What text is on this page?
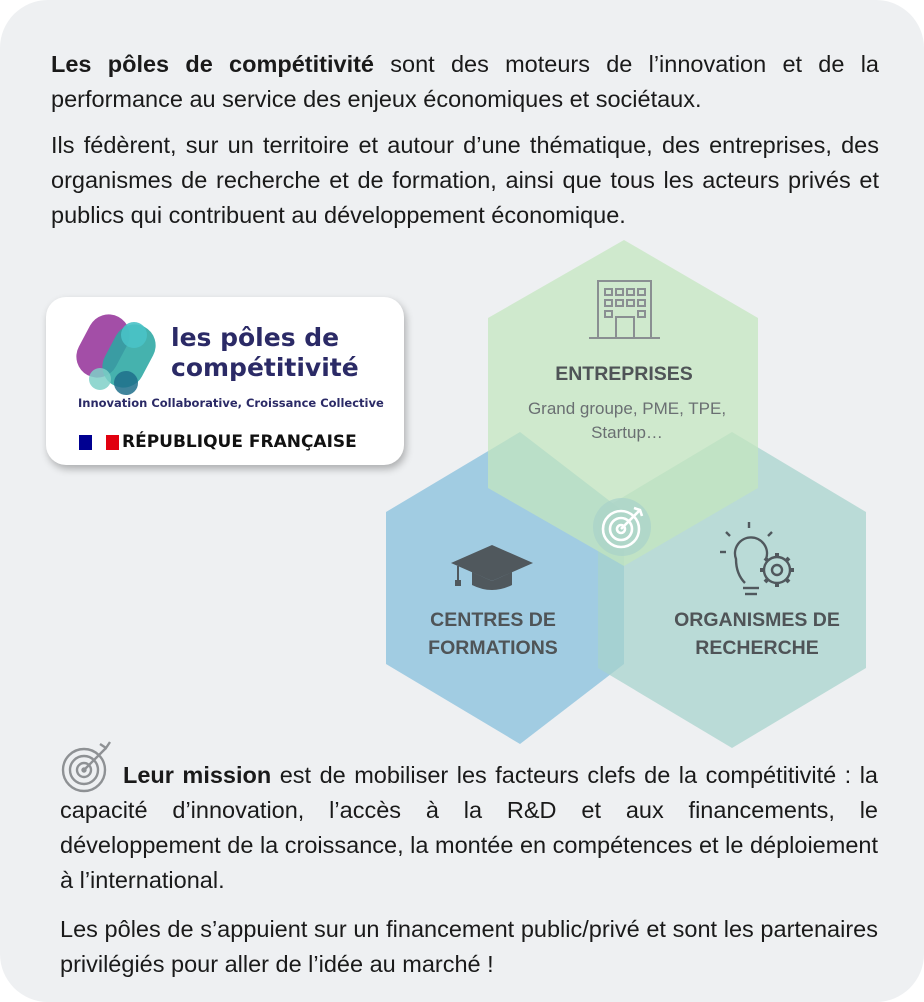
Les pôles de compétitivité sont des moteurs de l’innovation et de la performance au service des enjeux économiques et sociétaux.

Ils fédèrent, sur un territoire et autour d’une thématique, des entreprises, des organismes de recherche et de formation, ainsi que tous les acteurs privés et publics qui contribuent au développement économique.

les pôles de
compétitivité
Innovation Collaborative, Croissance Collective
RÉPUBLIQUE FRANÇAISE
ENTREPRISES
Grand groupe, PME, TPE,
Startup…
CENTRES DE
FORMATIONS
ORGANISMES DE
RECHERCHE

Leur mission est de mobiliser les facteurs clefs de la compétitivité : la capacité d’innovation, l’accès à la R&D et aux financements, le développement de la croissance, la montée en compétences et le déploiement à l’international.

Les pôles de s’appuient sur un financement public/privé et sont les partenaires privilégiés pour aller de l’idée au marché !
